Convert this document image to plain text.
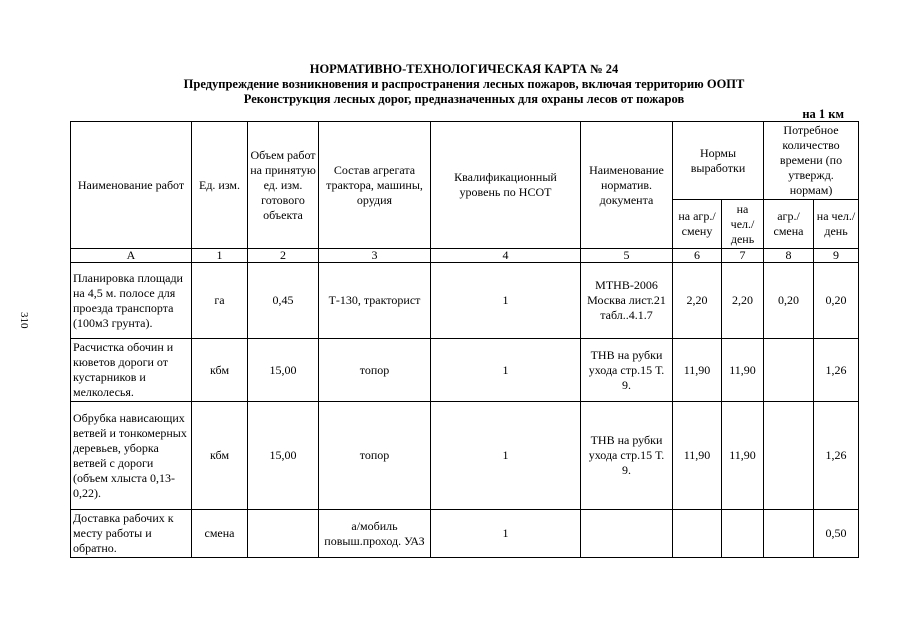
310
НОРМАТИВНО-ТЕХНОЛОГИЧЕСКАЯ КАРТА № 24
Предупреждение возникновения и распространения лесных пожаров, включая территорию ООПТ
Реконструкция лесных дорог, предназначенных для охраны лесов от пожаров
на 1 км
Наименование работ	Ед. изм.	Объем работ на принятую ед. изм. готового объекта	Состав агрегата трактора, машины, орудия	Квалификационный уровень по НСОТ	Наименование норматив. документа	Нормы выработки		Потребное количество времени (по утвержд. нормам)	
						на агр./ смену	на чел./ день	агр./ смена	на чел./ день
А	1	2	3	4	5	6	7	8	9
Планировка площади на 4,5 м. полосе для проезда транспорта (100м3 грунта).	га	0,45	Т-130, тракторист	1	МТНВ-2006 Москва лист.21 табл..4.1.7	2,20	2,20	0,20	0,20
Расчистка обочин и кюветов дороги от кустарников и мелколесья.	кбм	15,00	топор	1	ТНВ на рубки ухода стр.15 Т. 9.	11,90	11,90		1,26
Обрубка нависающих ветвей и тонкомерных деревьев, уборка ветвей с дороги (объем хлыста 0,13-0,22).	кбм	15,00	топор	1	ТНВ на рубки ухода стр.15 Т. 9.	11,90	11,90		1,26
Доставка рабочих к месту работы и обратно.	смена		а/мобиль повыш.проход. УАЗ	1					0,50
